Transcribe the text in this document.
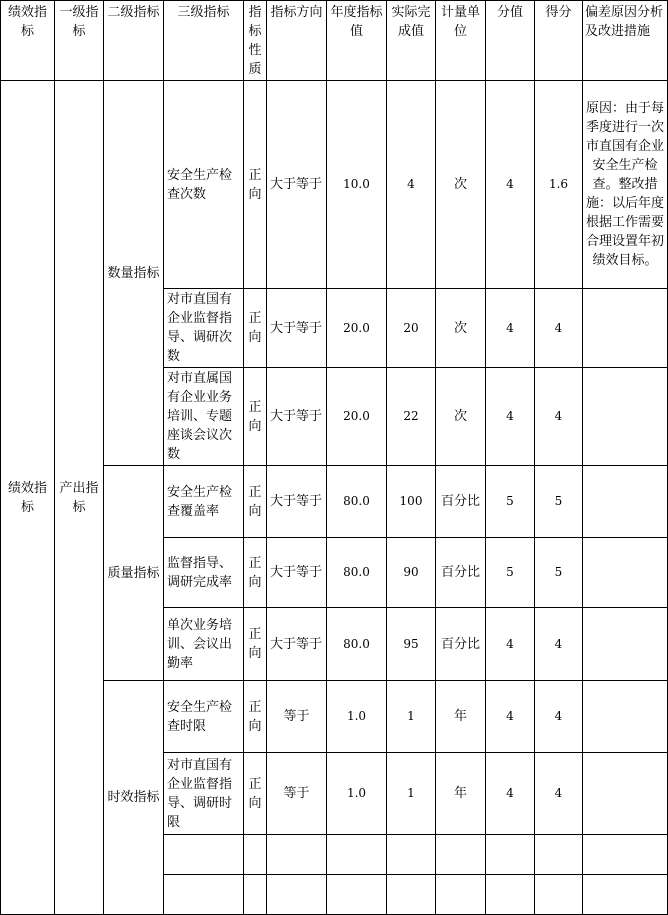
绩效指标	一级指标	二级指标	三级指标	指标性质	指标方向	年度指标值	实际完成值	计量单位	分值	得分	偏差原因分析及改进措施
绩效指标	产出指标	数量指标	安全生产检查次数	正向	大于等于	10.0	4	次	4	1.6	原因：由于每季度进行一次市直国有企业安全生产检查。整改措施：以后年度根据工作需要合理设置年初绩效目标。
			对市直国有企业监督指导、调研次数	正向	大于等于	20.0	20	次	4	4	
			对市直属国有企业业务培训、专题座谈会议次数	正向	大于等于	20.0	22	次	4	4	
		质量指标	安全生产检查覆盖率	正向	大于等于	80.0	100	百分比	5	5	
			监督指导、调研完成率	正向	大于等于	80.0	90	百分比	5	5	
			单次业务培训、会议出勤率	正向	大于等于	80.0	95	百分比	4	4	
		时效指标	安全生产检查时限	正向	等于	1.0	1	年	4	4	
			对市直国有企业监督指导、调研时限	正向	等于	1.0	1	年	4	4	
